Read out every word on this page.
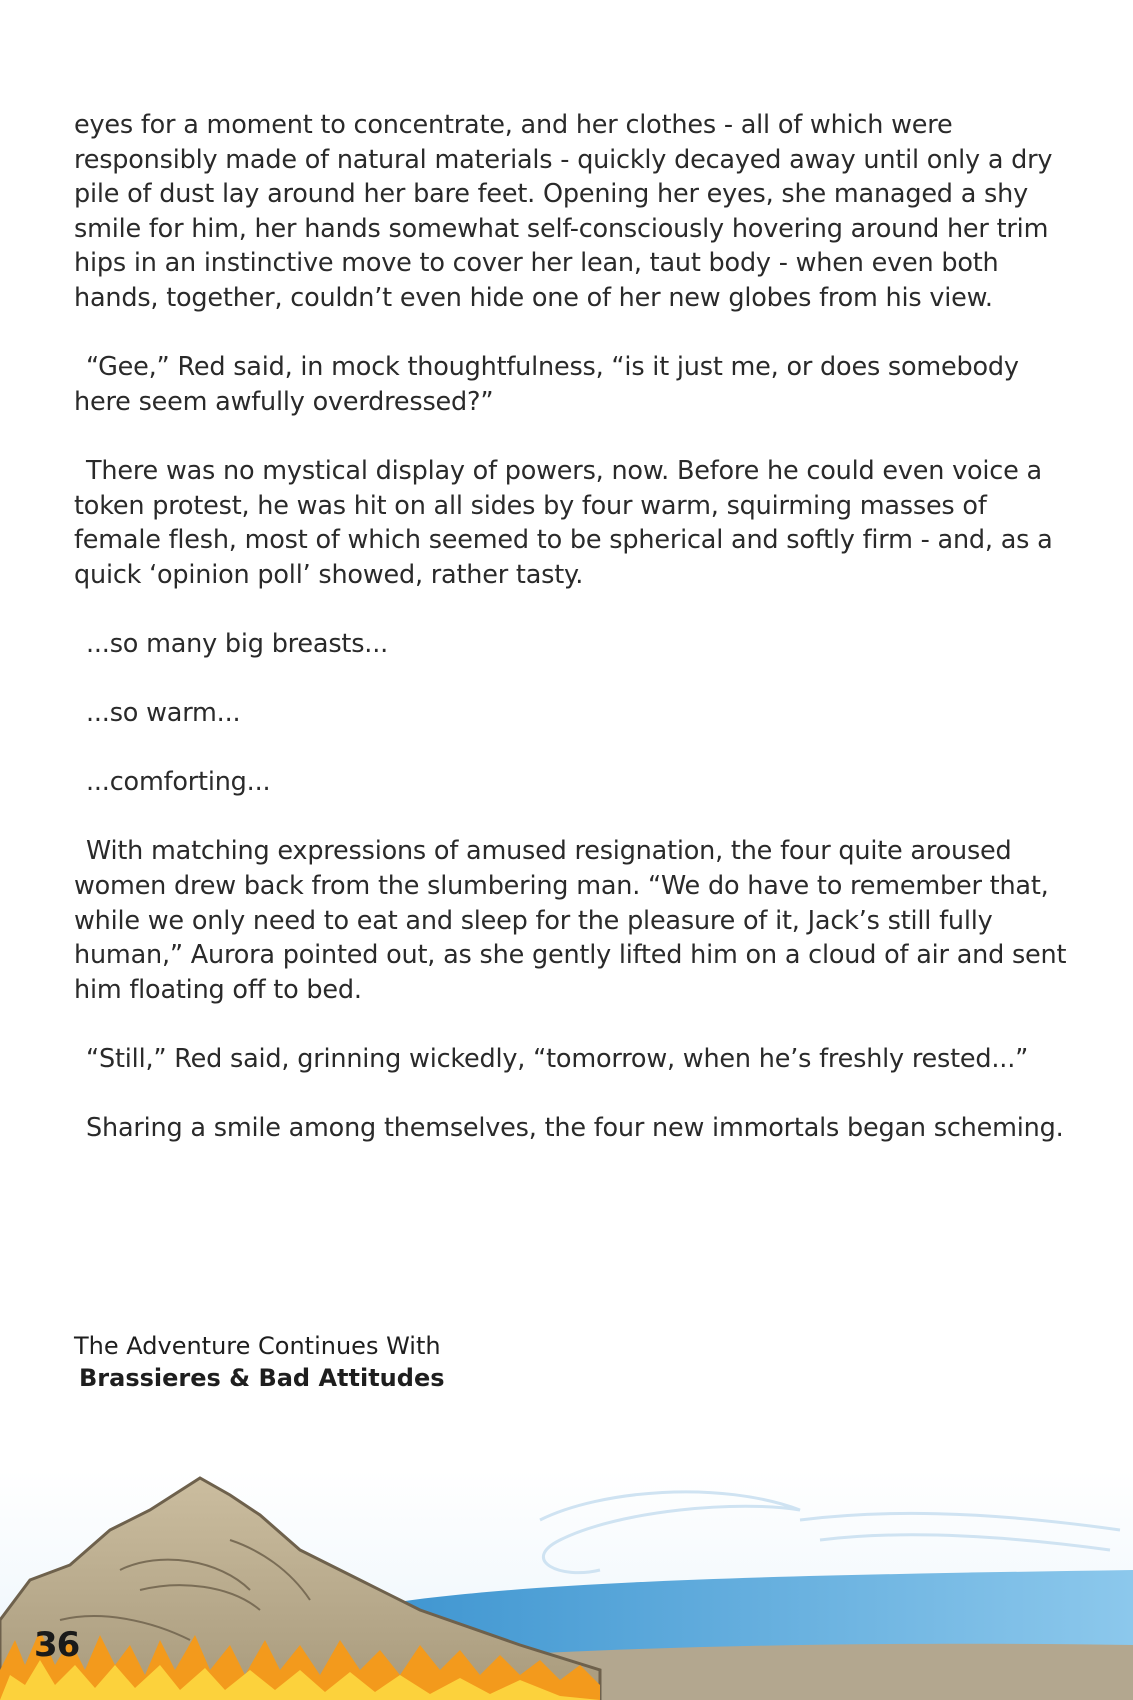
eyes for a moment to concentrate, and her clothes - all of which were responsibly made of natural materials - quickly decayed away until only a dry pile of dust lay around her bare feet. Opening her eyes, she managed a shy smile for him, her hands somewhat self-consciously hovering around her trim hips in an instinctive move to cover her lean, taut body - when even both hands, together, couldn’t even hide one of her new globes from his view.

“Gee,” Red said, in mock thoughtfulness, “is it just me, or does somebody here seem awfully overdressed?”

There was no mystical display of powers, now. Before he could even voice a token protest, he was hit on all sides by four warm, squirming masses of female flesh, most of which seemed to be spherical and softly firm - and, as a quick ‘opinion poll’ showed, rather tasty.

...so many big breasts...

...so warm...

...comforting...

With matching expressions of amused resignation, the four quite aroused women drew back from the slumbering man. “We do have to remember that, while we only need to eat and sleep for the pleasure of it, Jack’s still fully human,” Aurora pointed out, as she gently lifted him on a cloud of air and sent him floating off to bed.

“Still,” Red said, grinning wickedly, “tomorrow, when he’s freshly rested...”

Sharing a smile among themselves, the four new immortals began scheming.

The Adventure Continues With
Brassieres & Bad Attitudes
36
